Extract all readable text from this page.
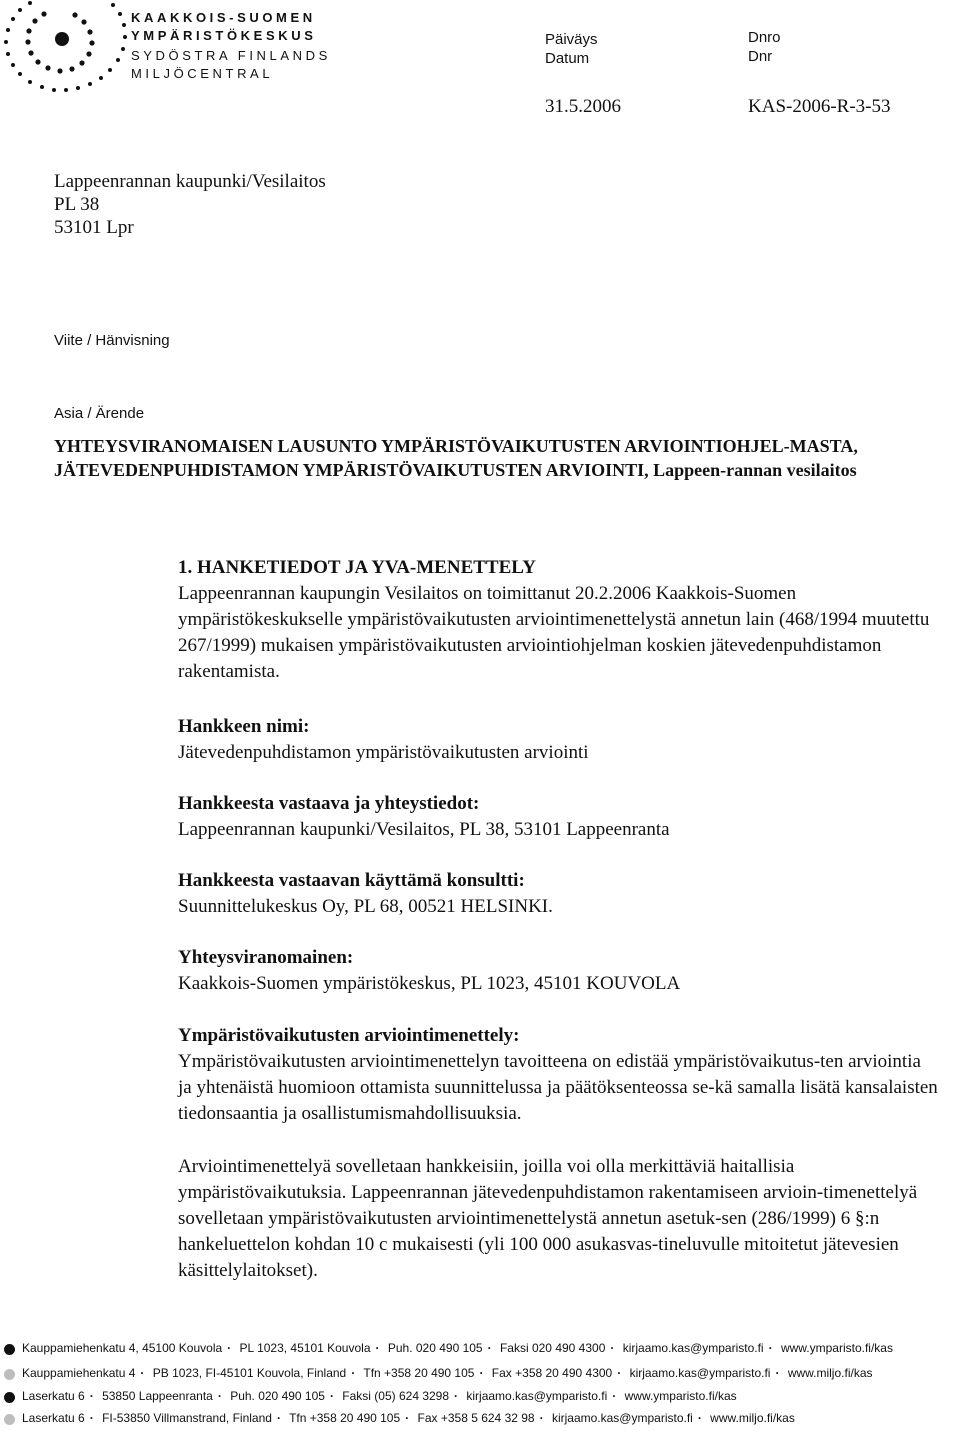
KAAKKOIS-SUOMEN
YMPÄRISTÖKESKUS
SYDÖSTRA FINLANDS
MILJÖCENTRAL
Päiväys
Datum
Dnro
Dnr
31.5.2006	KAS-2006-R-3-53
Lappeenrannan kaupunki/Vesilaitos
PL 38
53101 Lpr
Viite / Hänvisning
Asia / Ärende
YHTEYSVIRANOMAISEN LAUSUNTO YMPÄRISTÖVAIKUTUSTEN ARVIOINTIOHJEL-MASTA, JÄTEVEDENPUHDISTAMON YMPÄRISTÖVAIKUTUSTEN ARVIOINTI, Lappeen-rannan vesilaitos
1. HANKETIEDOT JA YVA-MENETTELY

Lappeenrannan kaupungin Vesilaitos on toimittanut 20.2.2006 Kaakkois-Suomen ympäristökeskukselle ympäristövaikutusten arviointimenettelystä annetun lain (468/1994 muutettu 267/1999) mukaisen ympäristövaikutusten arviointiohjelman koskien jätevedenpuhdistamon rakentamista.

Hankkeen nimi:
Jätevedenpuhdistamon ympäristövaikutusten arviointi
Hankkeesta vastaava ja yhteystiedot:
Lappeenrannan kaupunki/Vesilaitos, PL 38, 53101 Lappeenranta
Hankkeesta vastaavan käyttämä konsultti:
Suunnittelukeskus Oy, PL 68, 00521 HELSINKI.
Yhteysviranomainen:
Kaakkois-Suomen ympäristökeskus, PL 1023, 45101 KOUVOLA
Ympäristövaikutusten arviointimenettely:
Ympäristövaikutusten arviointimenettelyn tavoitteena on edistää ympäristövaikutus-ten arviointia ja yhtenäistä huomioon ottamista suunnittelussa ja päätöksenteossa se-kä samalla lisätä kansalaisten tiedonsaantia ja osallistumismahdollisuuksia.
Arviointimenettelyä sovelletaan hankkeisiin, joilla voi olla merkittäviä haitallisia ympäristövaikutuksia. Lappeenrannan jätevedenpuhdistamon rakentamiseen arvioin-timenettelyä sovelletaan ympäristövaikutusten arviointimenettelystä annetun asetuk-sen (286/1999) 6 §:n hankeluettelon kohdan 10 c mukaisesti (yli 100 000 asukasvas-tineluvulle mitoitetut jätevesien käsittelylaitokset).
Kauppamiehenkatu 4, 45100 Kouvola · PL 1023, 45101 Kouvola · Puh. 020 490 105 · Faksi 020 490 4300 · kirjaamo.kas@ymparisto.fi · www.ymparisto.fi/kas
Kauppamiehenkatu 4 · PB 1023, FI-45101 Kouvola, Finland · Tfn +358 20 490 105 · Fax +358 20 490 4300 · kirjaamo.kas@ymparisto.fi · www.miljo.fi/kas
Laserkatu 6 · 53850 Lappeenranta · Puh. 020 490 105 · Faksi (05) 624 3298 · kirjaamo.kas@ymparisto.fi · www.ymparisto.fi/kas
Laserkatu 6 · FI-53850 Villmanstrand, Finland · Tfn +358 20 490 105 · Fax +358 5 624 32 98 · kirjaamo.kas@ymparisto.fi · www.miljo.fi/kas
